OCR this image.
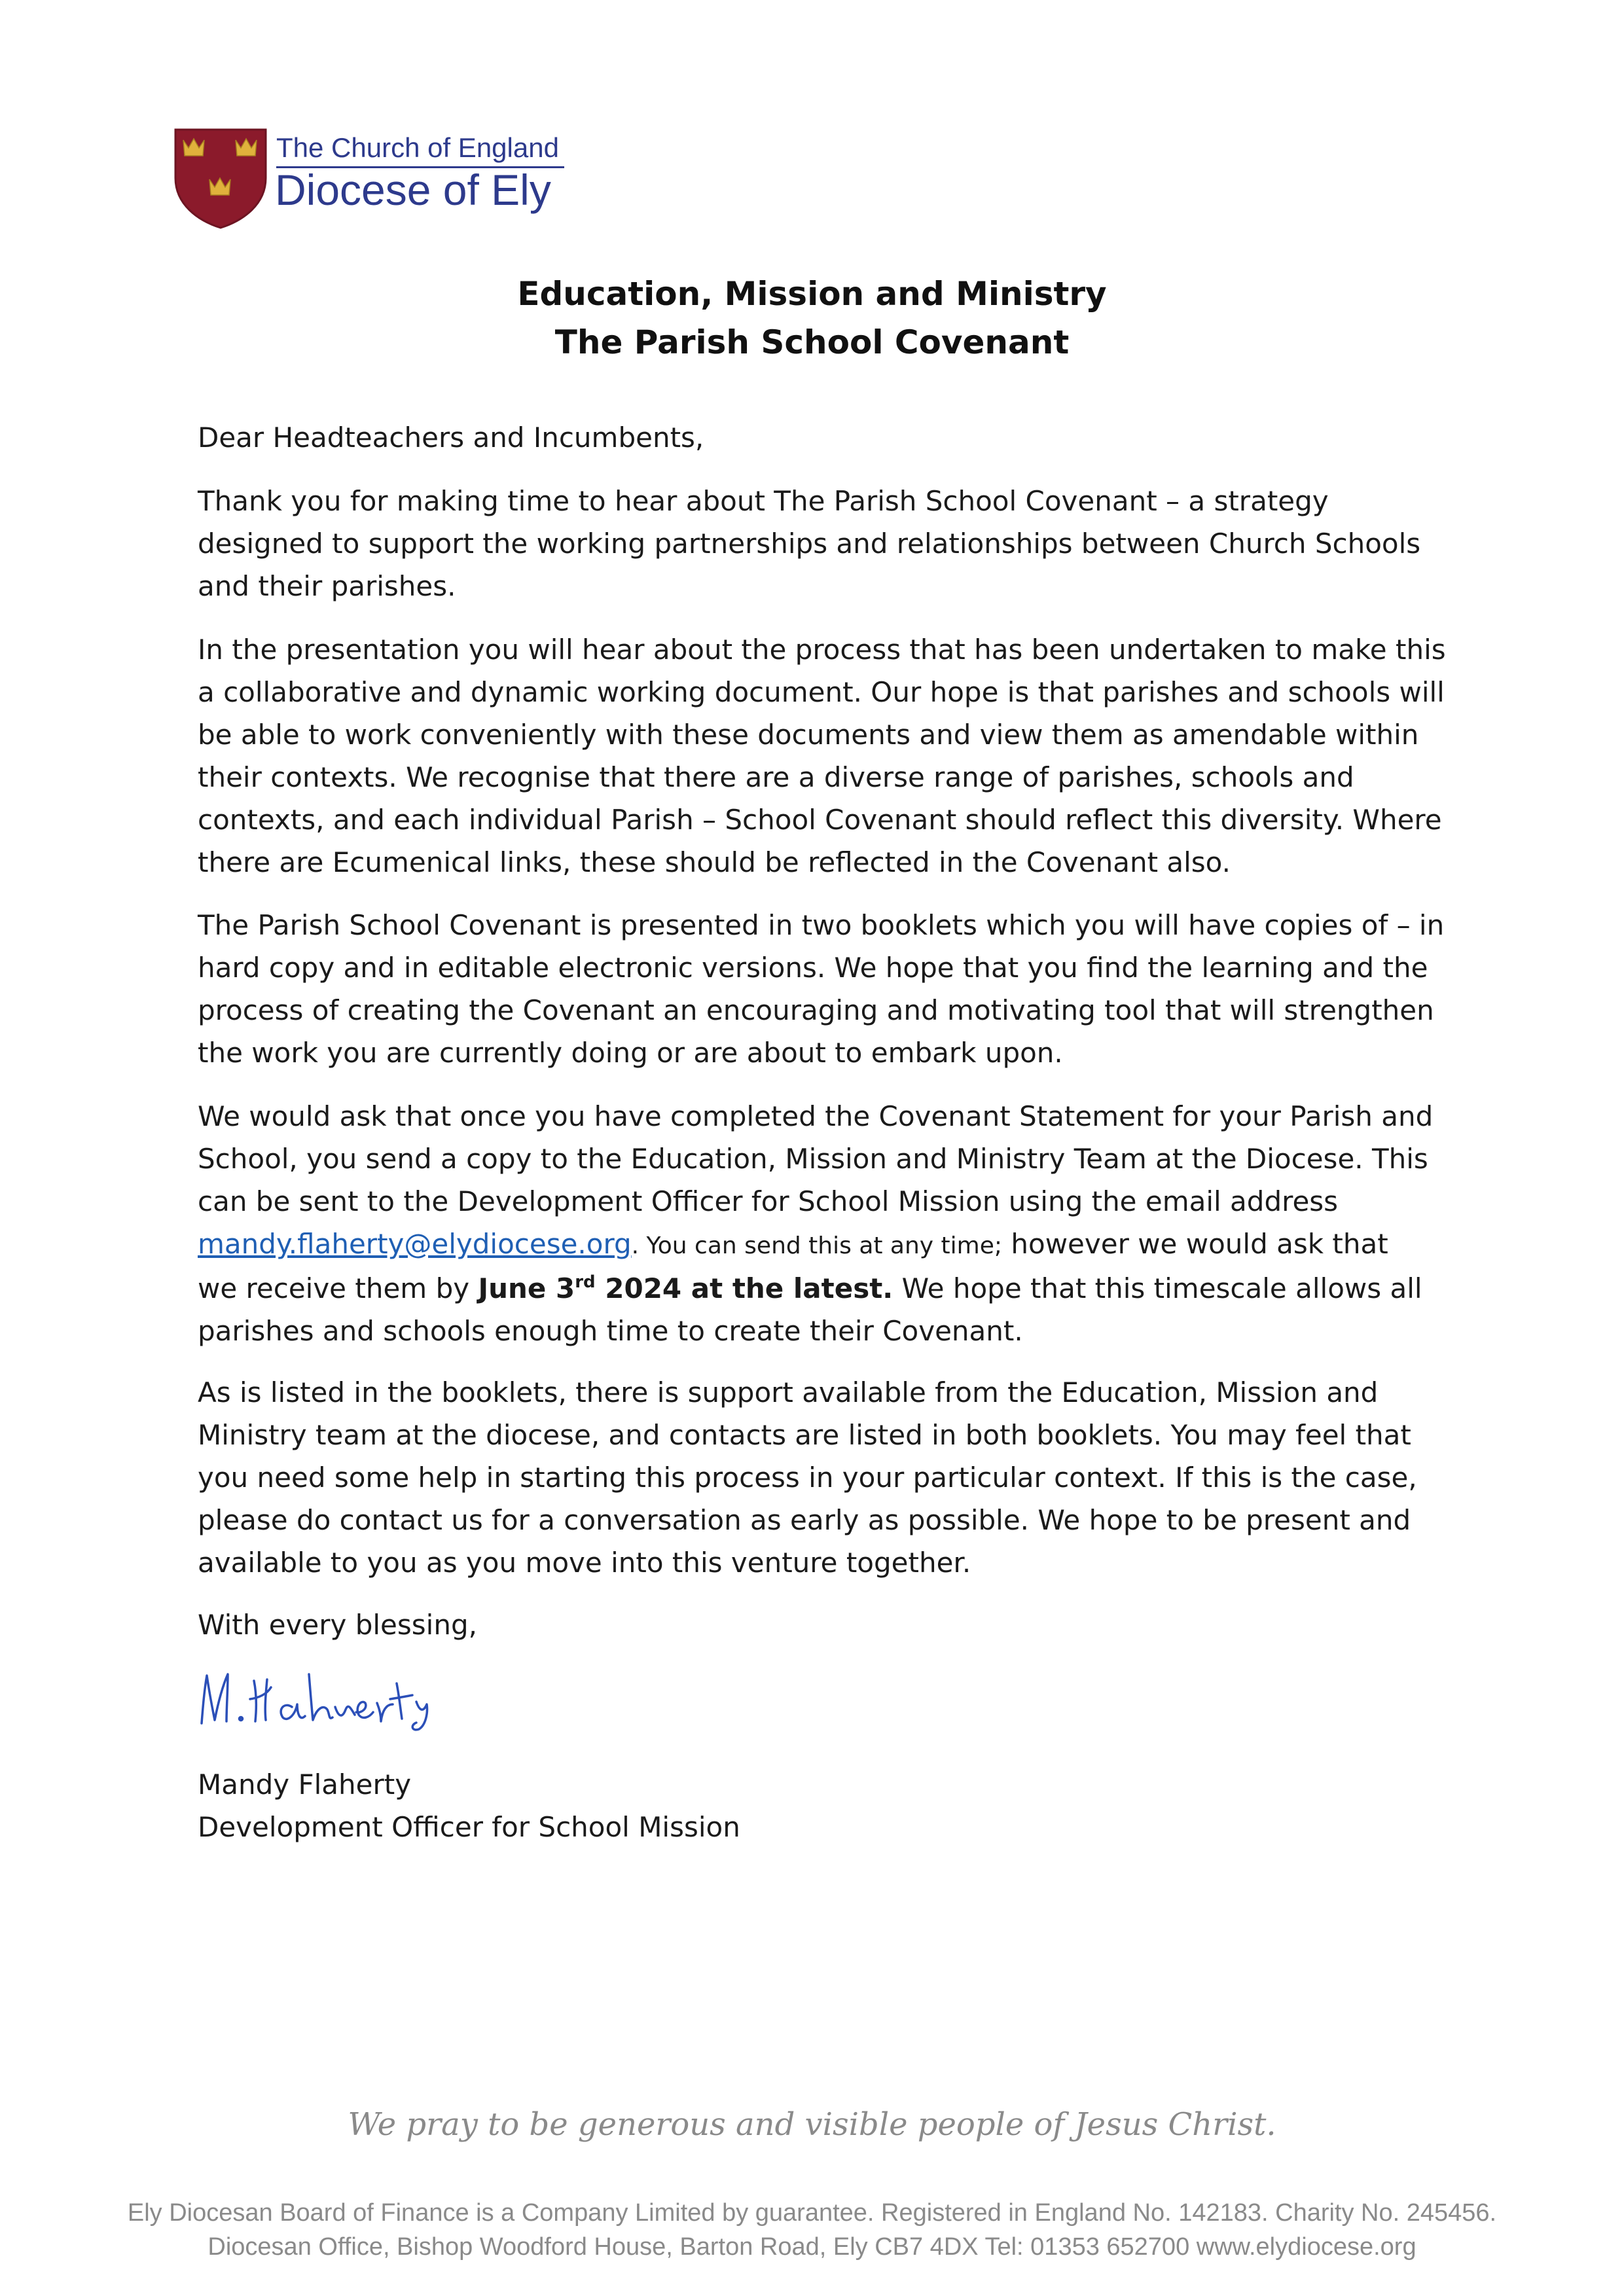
The Church of England
Diocese of Ely
Education, Mission and Ministry
The Parish School Covenant
Dear Headteachers and Incumbents,
Thank you for making time to hear about The Parish School Covenant – a strategy
designed to support the working partnerships and relationships between Church Schools
and their parishes.
In the presentation you will hear about the process that has been undertaken to make this
a collaborative and dynamic working document. Our hope is that parishes and schools will
be able to work conveniently with these documents and view them as amendable within
their contexts. We recognise that there are a diverse range of parishes, schools and
contexts, and each individual Parish – School Covenant should reflect this diversity. Where
there are Ecumenical links, these should be reflected in the Covenant also.
The Parish School Covenant is presented in two booklets which you will have copies of – in
hard copy and in editable electronic versions. We hope that you find the learning and the
process of creating the Covenant an encouraging and motivating tool that will strengthen
the work you are currently doing or are about to embark upon.
We would ask that once you have completed the Covenant Statement for your Parish and
School, you send a copy to the Education, Mission and Ministry Team at the Diocese. This
can be sent to the Development Officer for School Mission using the email address
mandy.flaherty@elydiocese.org. You can send this at any time; however we would ask that
we receive them by June 3rd 2024 at the latest. We hope that this timescale allows all
parishes and schools enough time to create their Covenant.
As is listed in the booklets, there is support available from the Education, Mission and
Ministry team at the diocese, and contacts are listed in both booklets. You may feel that
you need some help in starting this process in your particular context. If this is the case,
please do contact us for a conversation as early as possible. We hope to be present and
available to you as you move into this venture together.
With every blessing,
Mandy Flaherty
Development Officer for School Mission
We pray to be generous and visible people of Jesus Christ.
Ely Diocesan Board of Finance is a Company Limited by guarantee. Registered in England No. 142183. Charity No. 245456.
Diocesan Office, Bishop Woodford House, Barton Road, Ely CB7 4DX Tel: 01353 652700 www.elydiocese.org
